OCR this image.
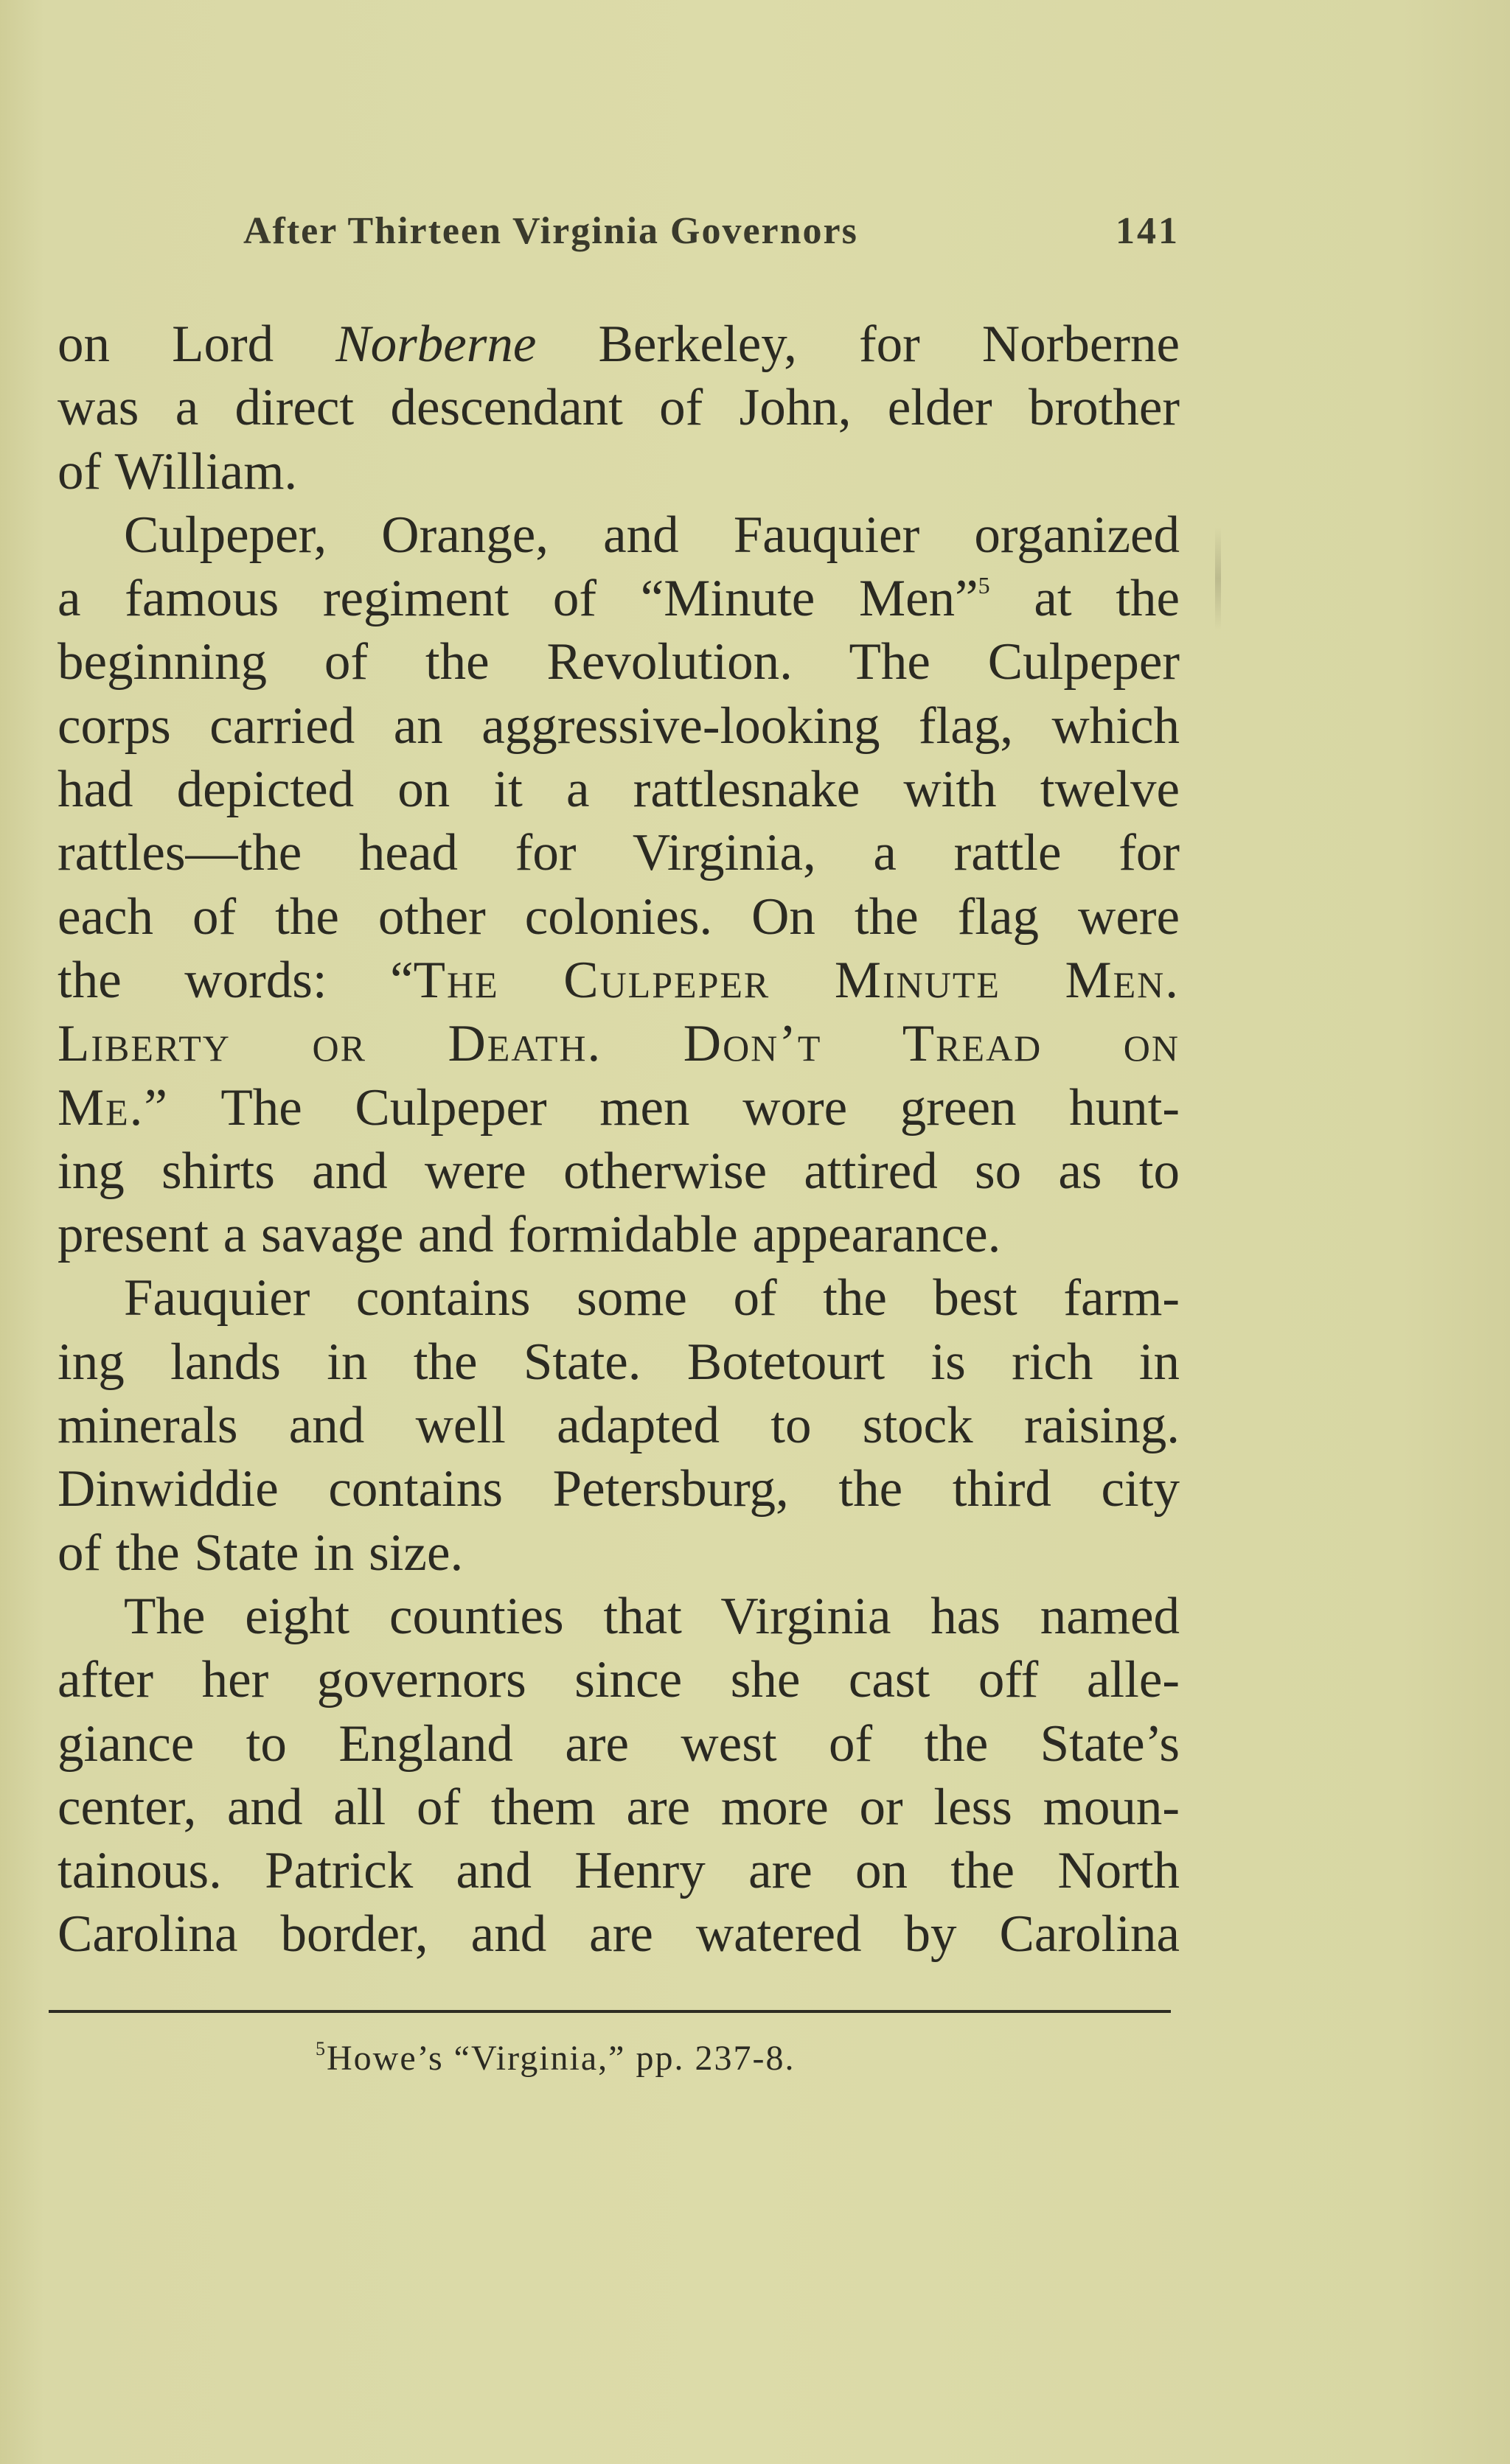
After Thirteen Virginia Governors	141
on Lord Norberne Berkeley, for Norberne
was a direct descendant of John, elder brother
of William.
Culpeper, Orange, and Fauquier organized
a famous regiment of “Minute Men”$^5$ at the
beginning of the Revolution. The Culpeper
corps carried an aggressive-looking flag, which
had depicted on it a rattlesnake with twelve
rattles—the head for Virginia, a rattle for
each of the other colonies. On the flag were
the words: “The Culpeper Minute Men.
Liberty or Death. Don’t Tread on
Me.” The Culpeper men wore green hunt-
ing shirts and were otherwise attired so as to
present a savage and formidable appearance.
Fauquier contains some of the best farm-
ing lands in the State. Botetourt is rich in
minerals and well adapted to stock raising.
Dinwiddie contains Petersburg, the third city
of the State in size.
The eight counties that Virginia has named
after her governors since she cast off alle-
giance to England are west of the State’s
center, and all of them are more or less moun-
tainous. Patrick and Henry are on the North
Carolina border, and are watered by Carolina
$^5$Howe’s “Virginia,” pp. 237-8.
